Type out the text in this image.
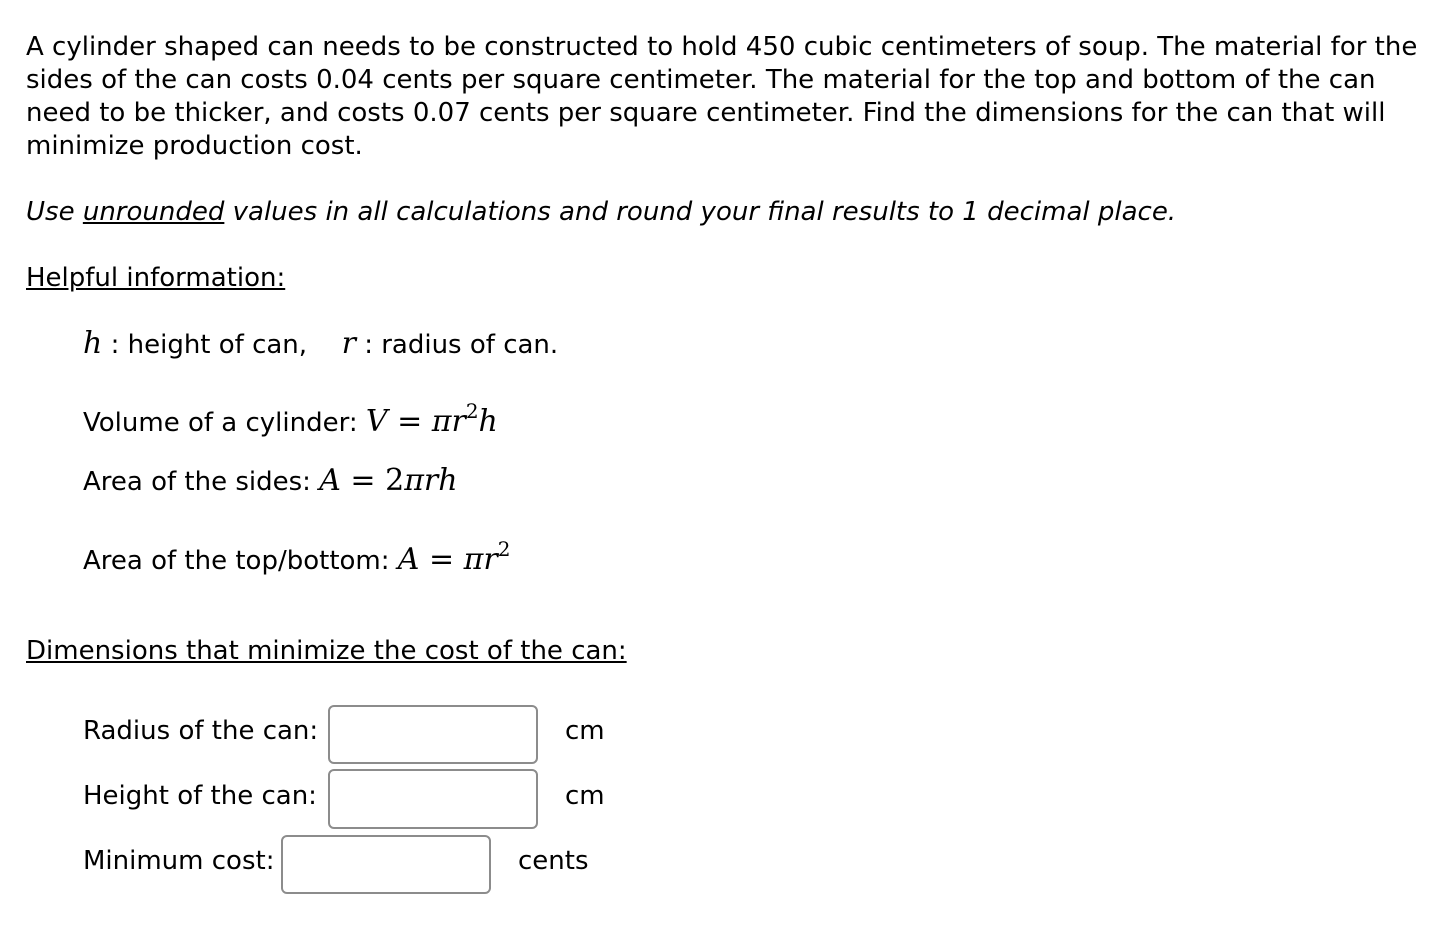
A cylinder shaped can needs to be constructed to hold 450 cubic centimeters of soup. The material for the sides of the can costs 0.04 cents per square centimeter. The material for the top and bottom of the can need to be thicker, and costs 0.07 cents per square centimeter. Find the dimensions for the can that will minimize production cost.

Use unrounded values in all calculations and round your final results to 1 decimal place.

Helpful information:

h : height of can, r : radius of can.
Volume of a cylinder: $V = \pi r^2h$
Area of the sides: A = 2πrh
Area of the top/bottom: $A = \pi r^2$

Dimensions that minimize the cost of the can:

Radius of the can:	cm
Height of the can:	cm
Minimum cost:	cents
